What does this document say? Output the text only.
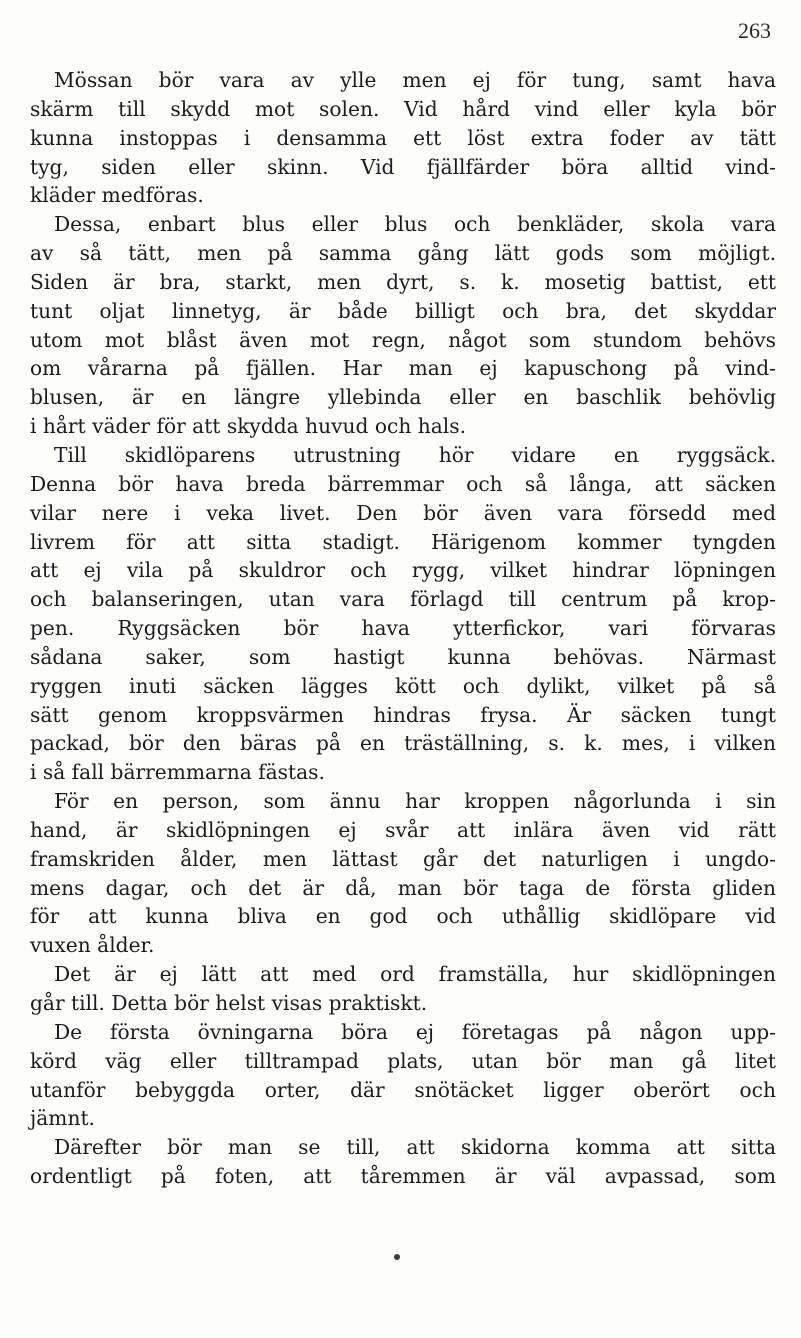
263
Mössan bör vara av ylle men ej för tung, samt hava
skärm till skydd mot solen. Vid hård vind eller kyla bör
kunna instoppas i densamma ett löst extra foder av tätt
tyg, siden eller skinn. Vid fjällfärder böra alltid vind-
kläder medföras.
Dessa, enbart blus eller blus och benkläder, skola vara
av så tätt, men på samma gång lätt gods som möjligt.
Siden är bra, starkt, men dyrt, s. k. mosetig battist, ett
tunt oljat linnetyg, är både billigt och bra, det skyddar
utom mot blåst även mot regn, något som stundom behövs
om vårarna på fjällen. Har man ej kapuschong på vind-
blusen, är en längre yllebinda eller en baschlik behövlig
i hårt väder för att skydda huvud och hals.
Till skidlöparens utrustning hör vidare en ryggsäck.
Denna bör hava breda bärremmar och så långa, att säcken
vilar nere i veka livet. Den bör även vara försedd med
livrem för att sitta stadigt. Härigenom kommer tyngden
att ej vila på skuldror och rygg, vilket hindrar löpningen
och balanseringen, utan vara förlagd till centrum på krop-
pen. Ryggsäcken bör hava ytterfickor, vari förvaras
sådana saker, som hastigt kunna behövas. Närmast
ryggen inuti säcken lägges kött och dylikt, vilket på så
sätt genom kroppsvärmen hindras frysa. Är säcken tungt
packad, bör den bäras på en träställning, s. k. mes, i vilken
i så fall bärremmarna fästas.
För en person, som ännu har kroppen någorlunda i sin
hand, är skidlöpningen ej svår att inlära även vid rätt
framskriden ålder, men lättast går det naturligen i ungdo-
mens dagar, och det är då, man bör taga de första gliden
för att kunna bliva en god och uthållig skidlöpare vid
vuxen ålder.
Det är ej lätt att med ord framställa, hur skidlöpningen
går till. Detta bör helst visas praktiskt.
De första övningarna böra ej företagas på någon upp-
körd väg eller tilltrampad plats, utan bör man gå litet
utanför bebyggda orter, där snötäcket ligger oberört och
jämnt.
Därefter bör man se till, att skidorna komma att sitta
ordentligt på foten, att tåremmen är väl avpassad, som
